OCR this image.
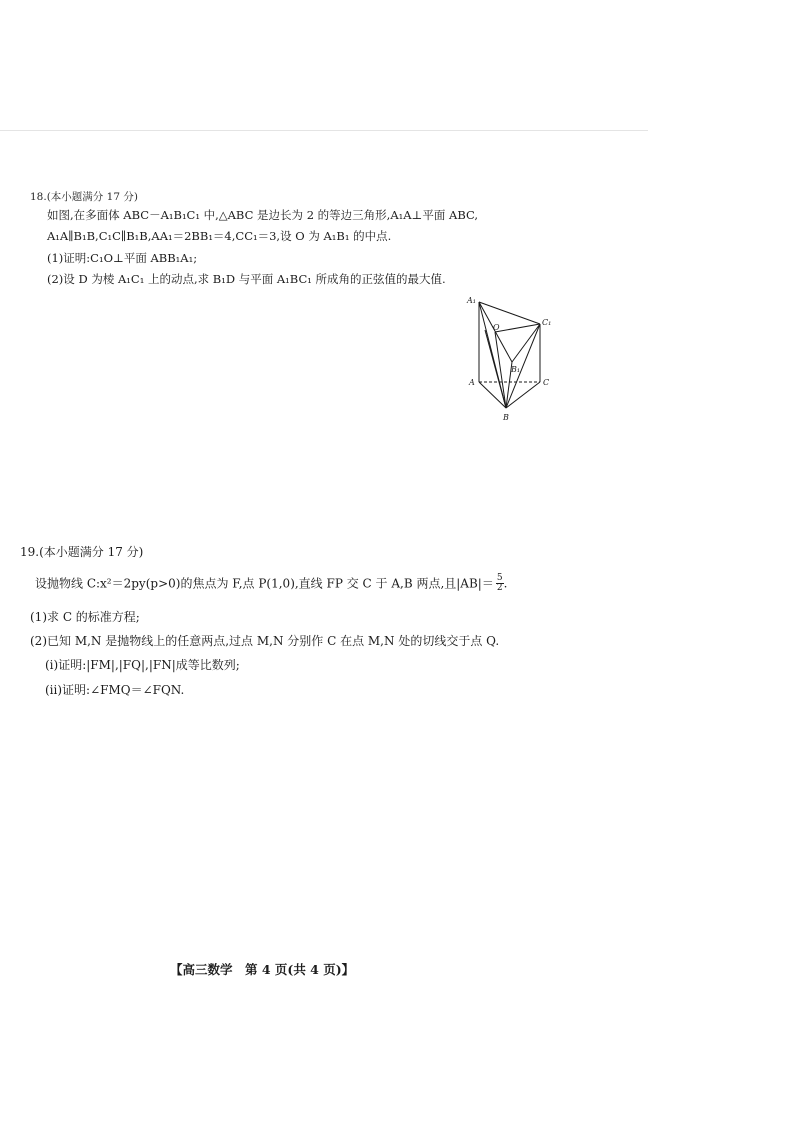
18.(本小题满分 17 分)
如图,在多面体 ABC－A₁B₁C₁ 中,△ABC 是边长为 2 的等边三角形,A₁A⊥平面 ABC,
A₁A∥B₁B,C₁C∥B₁B,AA₁＝2BB₁＝4,CC₁＝3,设 O 为 A₁B₁ 的中点.
(1)证明:C₁O⊥平面 ABB₁A₁;
(2)设 D 为棱 A₁C₁ 上的动点,求 B₁D 与平面 A₁BC₁ 所成角的正弦值的最大值.
A₁
C₁
O
B₁
A	C
B
19.(本小题满分 17 分)
设抛物线 C:x²＝2py(p>0)的焦点为 F,点 P(1,0),直线 FP 交 C 于 A,B 两点,且$|AB|= \frac{5}{2}$ .
(1)求 C 的标准方程;
(2)已知 M,N 是抛物线上的任意两点,过点 M,N 分别作 C 在点 M,N 处的切线交于点 Q.
(i)证明:|FM|,|FQ|,|FN|成等比数列;
(ii)证明:∠FMQ＝∠FQN.
【高三数学　第 4 页(共 4 页)】
